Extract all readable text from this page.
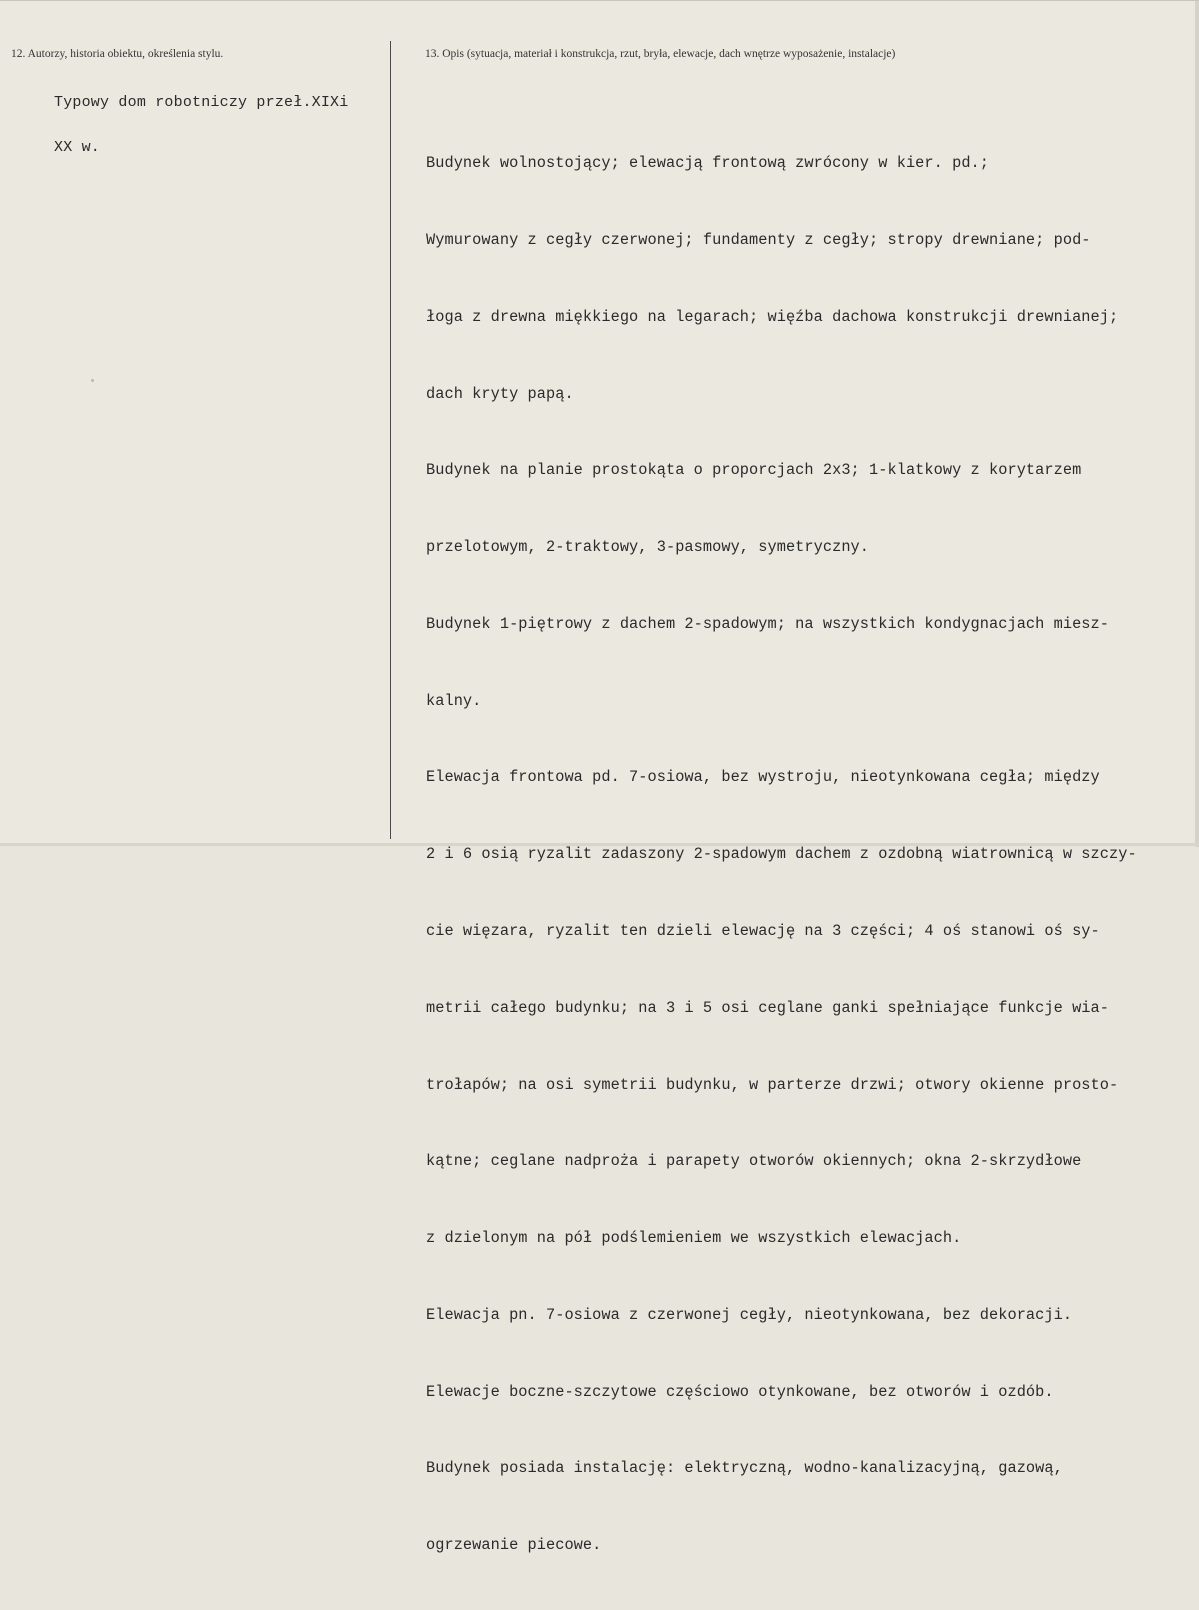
12. Autorzy, historia obiektu, określenia stylu.	13. Opis (sytuacja, materiał i konstrukcja, rzut, bryła, elewacje, dach wnętrze wyposażenie, instalacje)

Typowy dom robotniczy przeł.XIXi

XX w.

Budynek wolnostojący; elewacją frontową zwrócony w kier. pd.;

Wymurowany z cegły czerwonej; fundamenty z cegły; stropy drewniane; pod-

łoga z drewna miękkiego na legarach; więźba dachowa konstrukcji drewnianej;

dach kryty papą.

Budynek na planie prostokąta o proporcjach 2x3; 1-klatkowy z korytarzem

przelotowym, 2-traktowy, 3-pasmowy, symetryczny.

Budynek 1-piętrowy z dachem 2-spadowym; na wszystkich kondygnacjach miesz-

kalny.

Elewacja frontowa pd. 7-osiowa, bez wystroju, nieotynkowana cegła; między

2 i 6 osią ryzalit zadaszony 2-spadowym dachem z ozdobną wiatrownicą w szczy-

cie więzara, ryzalit ten dzieli elewację na 3 części; 4 oś stanowi oś sy-

metrii całego budynku; na 3 i 5 osi ceglane ganki spełniające funkcje wia-

trołapów; na osi symetrii budynku, w parterze drzwi; otwory okienne prosto-

kątne; ceglane nadproża i parapety otworów okiennych; okna 2-skrzydłowe

z dzielonym na pół podślemieniem we wszystkich elewacjach.

Elewacja pn. 7-osiowa z czerwonej cegły, nieotynkowana, bez dekoracji.

Elewacje boczne-szczytowe częściowo otynkowane, bez otworów i ozdób.

Budynek posiada instalację: elektryczną, wodno-kanalizacyjną, gazową,

ogrzewanie piecowe.
